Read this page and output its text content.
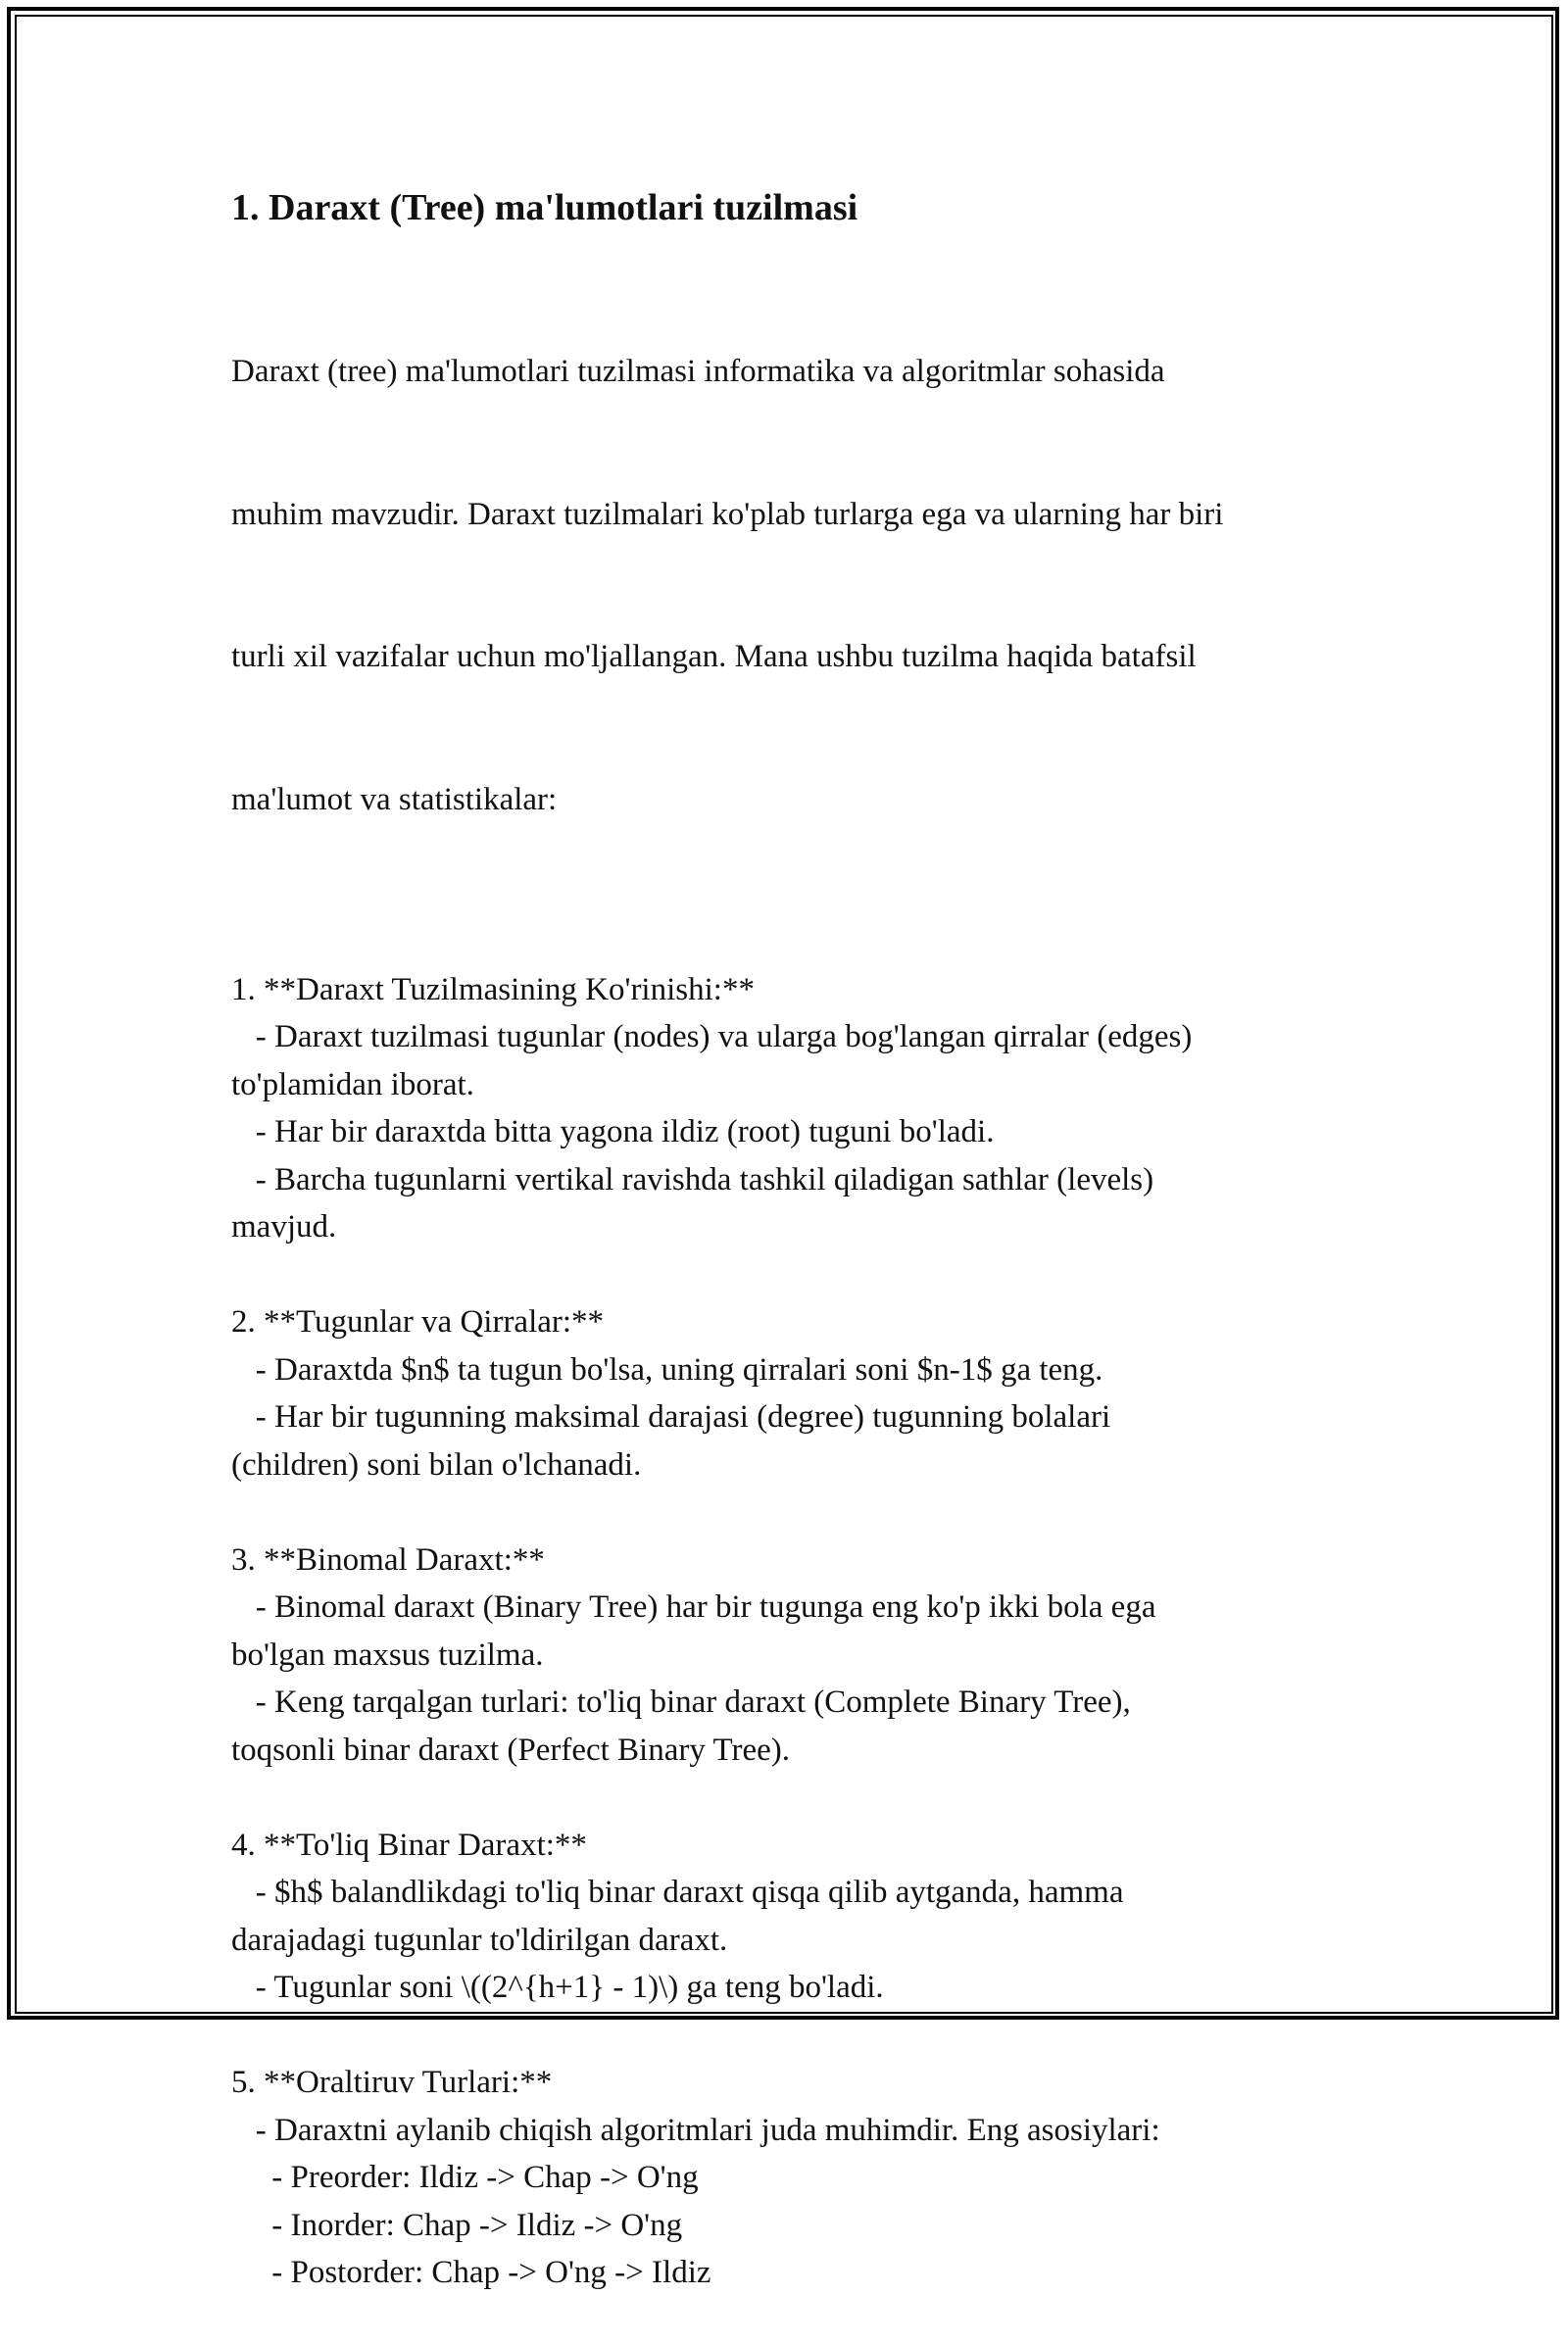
1. Daraxt (Tree) ma'lumotlari tuzilmasi

Daraxt (tree) ma'lumotlari tuzilmasi informatika va algoritmlar sohasida

muhim mavzudir. Daraxt tuzilmalari ko'plab turlarga ega va ularning har biri

turli xil vazifalar uchun mo'ljallangan. Mana ushbu tuzilma haqida batafsil

ma'lumot va statistikalar:

1. **Daraxt Tuzilmasining Ko'rinishi:**
- Daraxt tuzilmasi tugunlar (nodes) va ularga bog'langan qirralar (edges)
to'plamidan iborat.
- Har bir daraxtda bitta yagona ildiz (root) tuguni bo'ladi.
- Barcha tugunlarni vertikal ravishda tashkil qiladigan sathlar (levels)
mavjud.
2. **Tugunlar va Qirralar:**
- Daraxtda $n$ ta tugun bo'lsa, uning qirralari soni $n-1$ ga teng.
- Har bir tugunning maksimal darajasi (degree) tugunning bolalari
(children) soni bilan o'lchanadi.
3. **Binomal Daraxt:**
- Binomal daraxt (Binary Tree) har bir tugunga eng ko'p ikki bola ega
bo'lgan maxsus tuzilma.
- Keng tarqalgan turlari: to'liq binar daraxt (Complete Binary Tree),
toqsonli binar daraxt (Perfect Binary Tree).
4. **To'liq Binar Daraxt:**
- $h$ balandlikdagi to'liq binar daraxt qisqa qilib aytganda, hamma
darajadagi tugunlar to'ldirilgan daraxt.
- Tugunlar soni \((2^{h+1} - 1)\) ga teng bo'ladi.
5. **Oraltiruv Turlari:**
- Daraxtni aylanib chiqish algoritmlari juda muhimdir. Eng asosiylari:
- Preorder: Ildiz -> Chap -> O'ng
- Inorder: Chap -> Ildiz -> O'ng
- Postorder: Chap -> O'ng -> Ildiz
